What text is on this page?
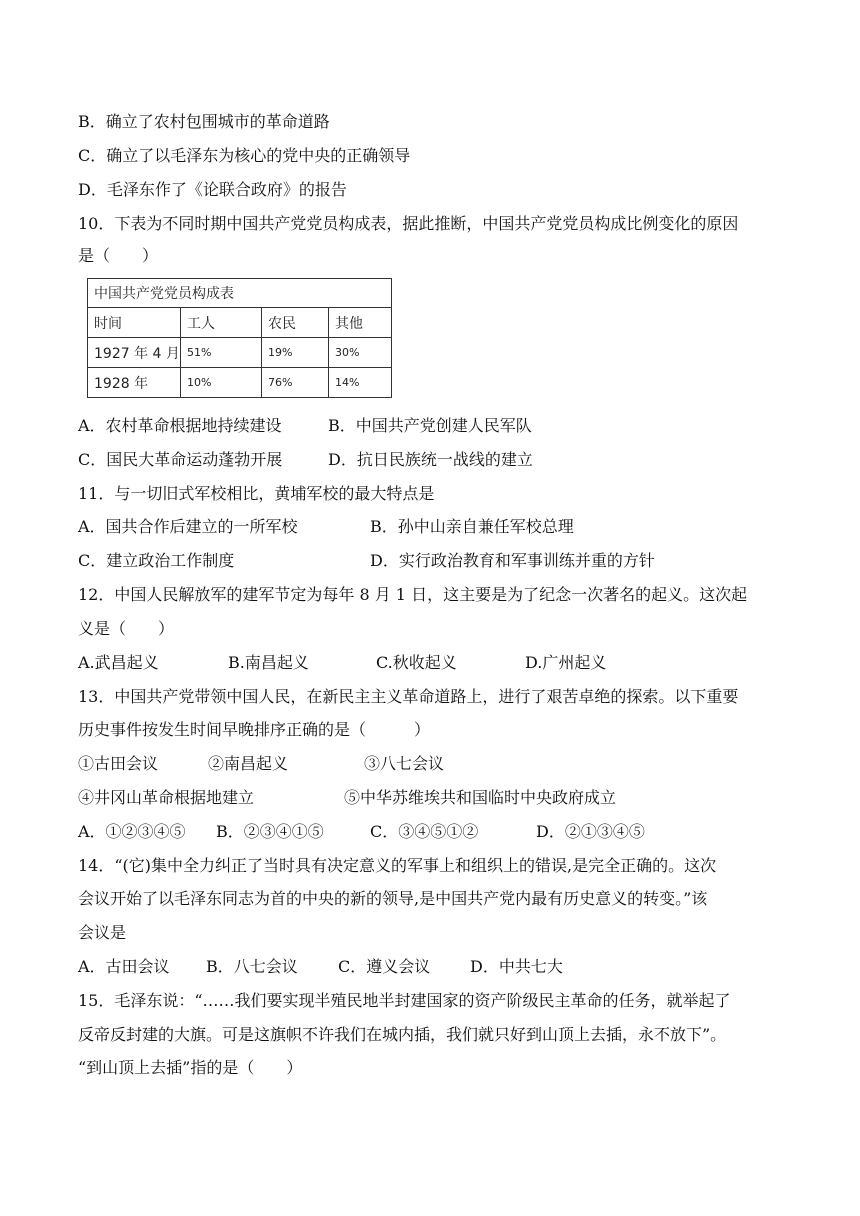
B．确立了农村包围城市的革命道路
C．确立了以毛泽东为核心的党中央的正确领导
D．毛泽东作了《论联合政府》的报告
10．下表为不同时期中国共产党党员构成表，据此推断，中国共产党党员构成比例变化的原因
是（　　）
中国共产党党员构成表			
时间	工人	农民	其他
1927 年 4 月	51%	19%	30%
1928 年	10%	76%	14%
A．农村革命根据地持续建设	B．中国共产党创建人民军队
C．国民大革命运动蓬勃开展	D．抗日民族统一战线的建立
11．与一切旧式军校相比，黄埔军校的最大特点是
A．国共合作后建立的一所军校	B．孙中山亲自兼任军校总理
C．建立政治工作制度	D．实行政治教育和军事训练并重的方针
12．中国人民解放军的建军节定为每年 8 月 1 日，这主要是为了纪念一次著名的起义。这次起
义是（　　）
A.武昌起义	B.南昌起义	C.秋收起义	D.广州起义
13．中国共产党带领中国人民，在新民主主义革命道路上，进行了艰苦卓绝的探索。以下重要
历史事件按发生时间早晚排序正确的是（　　　）
①古田会议	②南昌起义	③八七会议
④井冈山革命根据地建立	⑤中华苏维埃共和国临时中央政府成立
A．①②③④⑤ B．②③④①⑤	C．③④⑤①②	D．②①③④⑤
14．“(它)集中全力纠正了当时具有决定意义的军事上和组织上的错误,是完全正确的。这次
会议开始了以毛泽东同志为首的中央的新的领导,是中国共产党内最有历史意义的转变。”该
会议是
A．古田会议 B．八七会议	C．遵义会议 D．中共七大
15．毛泽东说：“……我们要实现半殖民地半封建国家的资产阶级民主革命的任务，就举起了
反帝反封建的大旗。可是这旗帜不许我们在城内插，我们就只好到山顶上去插，永不放下”。
“到山顶上去插”指的是（　　）
